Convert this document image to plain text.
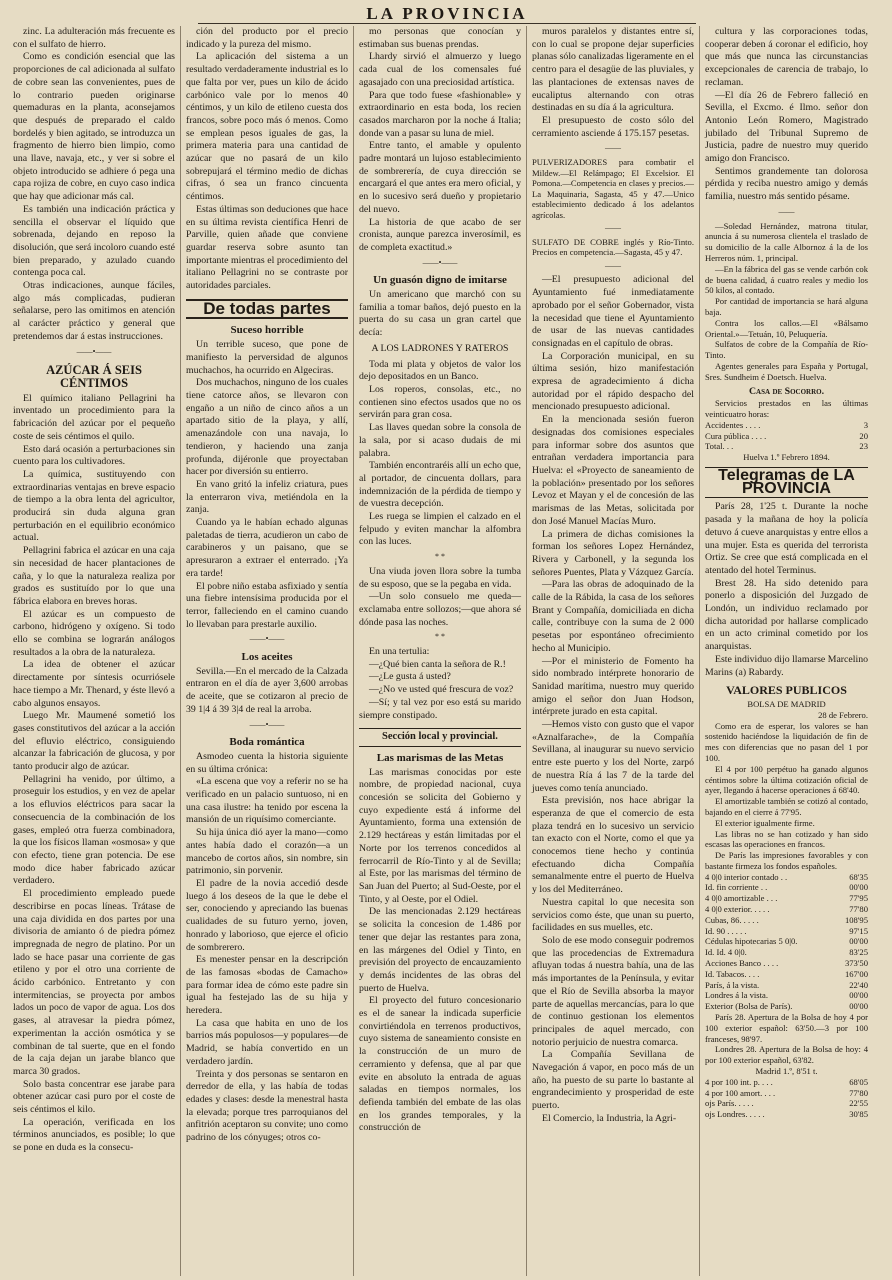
LA PROVINCIA

zinc. La adulteración más frecuente es con el sulfato de hierro.

Como es condición esencial que las proporciones de cal adicionada al sulfato de cobre sean las convenientes, pues de lo contrario pueden originarse quemaduras en la planta, aconsejamos que después de preparado el caldo bordelés y bien agitado, se introduzca un fragmento de hierro bien limpio, como una llave, navaja, etc., y ver si sobre el objeto introducido se adhiere ó pega una capa rojiza de cobre, en cuyo caso indica que hay que adicionar más cal.

Es también una indicación práctica y sencilla el observar el líquido que sobrenada, dejando en reposo la disolución, que será incoloro cuando esté bien preparado, y azulado cuando contenga poca cal.

Otras indicaciones, aunque fáciles, algo más complicadas, pudieran señalarse, pero las omitimos en atención al carácter práctico y general que pretendemos dar á estas instrucciones.

——•——
AZÚCAR Á SEIS CÉNTIMOS

El químico italiano Pellagrini ha inventado un procedimiento para la fabricación del azúcar por el pequeño coste de seis céntimos el quilo.

Esto dará ocasión a perturbaciones sin cuento para los cultivadores.

La química, sustituyendo con extraordinarias ventajas en breve espacio de tiempo a la obra lenta del agricultor, producirá sin duda alguna gran perturbación en el equilibrio económico actual.

Pellagrini fabrica el azúcar en una caja sin necesidad de hacer plantaciones de caña, y lo que la naturaleza realiza por grados es sustituído por lo que una fábrica elabora en breves horas.

El azúcar es un compuesto de carbono, hidrógeno y oxígeno. Si todo ello se combina se lograrán análogos resultados a la obra de la naturaleza.

La idea de obtener el azúcar directamente por síntesis ocurriósele hace tiempo a Mr. Thenard, y éste llevó a cabo algunos ensayos.

Luego Mr. Maumené sometió los gases constitutivos del azúcar a la acción del efluvio eléctrico, consiguiendo alcanzar la fabricación de glucosa, y por tanto producir algo de azúcar.

Pellagrini ha venido, por último, a proseguir los estudios, y en vez de apelar a los efluvios eléctricos para sacar la consecuencia de la combinación de los gases, empleó otra fuerza combinadora, la que los físicos llaman «osmosa» y que con efecto, tiene gran potencia. De ese modo dice haber fabricado azúcar verdadero.

El procedimiento empleado puede describirse en pocas líneas. Trátase de una caja dividida en dos partes por una divisoria de amianto ó de piedra pómez impregnada de negro de platino. Por un lado se hace pasar una corriente de gas etileno y por el otro una corriente de ácido carbónico. Entretanto y con intermitencias, se proyecta por ambos lados un poco de vapor de agua. Los dos gases, al atravesar la piedra pómez, experimentan la acción osmótica y se combinan de tal suerte, que en el fondo de la caja dejan un jarabe blanco que marca 30 grados.

Solo basta concentrar ese jarabe para obtener azúcar casi puro por el coste de seis céntimos el kilo.

La operación, verificada en los términos anunciados, es posible; lo que se pone en duda es la consecu-

ción del producto por el precio indicado y la pureza del mismo.

La aplicación del sistema a un resultado verdaderamente industrial es lo que falta por ver, pues un kilo de ácido carbónico vale por lo menos 40 céntimos, y un kilo de etileno cuesta dos francos, sobre poco más ó menos. Como se emplean pesos iguales de gas, la primera materia para una cantidad de azúcar que no pasará de un kilo sobrepujará el término medio de dichas cifras, ó sea un franco cincuenta céntimos.

Estas últimas son deduciones que hace en su última revista científica Henri de Parville, quien añade que conviene guardar reserva sobre asunto tan importante mientras el procedimiento del italiano Pellagrini no se contraste por autoridades parciales.

De todas partes
Suceso horrible

Un terrible suceso, que pone de manifiesto la perversidad de algunos muchachos, ha ocurrido en Algeciras.

Dos muchachos, ninguno de los cuales tiene catorce años, se llevaron con engaño a un niño de cinco años a un apartado sitio de la playa, y allí, amenazándole con una navaja, lo tendieron, y haciendo una zanja profunda, dijéronle que proyectaban hacer por diversión su entierro.

En vano gritó la infeliz criatura, pues la enterraron viva, metiéndola en la zanja.

Cuando ya le habían echado algunas paletadas de tierra, acudieron un cabo de carabineros y un paisano, que se apresuraron a extraer el enterrado. ¡Ya era tarde!

El pobre niño estaba asfixiado y sentía una fiebre intensísima producida por el terror, falleciendo en el camino cuando lo llevaban para prestarle auxilio.

——•——
Los aceites

Sevilla.—En el mercado de la Calzada entraron en el día de ayer 3,600 arrobas de aceite, que se cotizaron al precio de 39 1|4 á 39 3|4 de real la arroba.

——•——
Boda romántica

Asmodeo cuenta la historia siguiente en su última crónica:

«La escena que voy a referir no se ha verificado en un palacio suntuoso, ni en una casa ilustre: ha tenido por escena la mansión de un riquísimo comerciante.

Su hija única dió ayer la mano—como antes había dado el corazón—a un mancebo de cortos años, sin nombre, sin patrimonio, sin porvenir.

El padre de la novia accedió desde luego á los deseos de la que le debe el ser, conociendo y apreciando las buenas cualidades de su futuro yerno, joven, honrado y laborioso, que ejerce el oficio de sombrerero.

Es menester pensar en la descripción de las famosas «bodas de Camacho» para formar idea de cómo este padre sin igual ha festejado las de su hija y heredera.

La casa que habita en uno de los barrios más populosos—y populares—de Madrid, se había convertido en un verdadero jardín.

Treinta y dos personas se sentaron en derredor de ella, y las había de todas edades y clases: desde la menestral hasta la elevada; porque tres parroquianos del anfitrión aceptaron su convite; uno como padrino de los cónyuges; otros co-

mo personas que conocían y estimaban sus buenas prendas.

Lhardy sirvió el almuerzo y luego cada cual de los comensales fué agasajado con una preciosidad artística.

Para que todo fuese «fashionable» y extraordinario en esta boda, los recien casados marcharon por la noche á Italia; donde van a pasar su luna de miel.

Entre tanto, el amable y opulento padre montará un lujoso establecimiento de sombrerería, de cuya dirección se encargará el que antes era mero oficial, y en lo sucesivo será dueño y propietario del nuevo.

La historia de que acabo de ser cronista, aunque parezca inverosímil, es de completa exactitud.»

——•——
Un guasón digno de imitarse

Un americano que marchó con su familia a tomar baños, dejó puesto en la puerta do su casa un gran cartel que decía:

A LOS LADRONES Y RATEROS

Toda mi plata y objetos de valor los dejo depositados en un Banco.

Los roperos, consolas, etc., no contienen sino efectos usados que no os servirán para gran cosa.

Las llaves quedan sobre la consola de la sala, por si acaso dudais de mi palabra.

También encontraréis allí un echo que, al portador, de cincuenta dollars, para indemnización de la pérdida de tiempo y de vuestra decepción.

Les ruega se limpien el calzado en el felpudo y eviten manchar la alfombra con las luces.

* *

Una viuda joven llora sobre la tumba de su esposo, que se la pegaba en vida.

—Un solo consuelo me queda—exclamaba entre sollozos;—que ahora sé dónde pasa las noches.

* *

En una tertulia:

—¿Qué bien canta la señora de R.!

—¿Le gusta á usted?

—¿No ve usted qué frescura de voz?

—Sí; y tal vez por eso está su marido siempre constipado.

Sección local y provincial.
Las marismas de las Metas

Las marismas conocidas por este nombre, de propiedad nacional, cuya concesión se solicita del Gobierno y cuyo expediente está á informe del Ayuntamiento, forma una extensión de 2.129 hectáreas y están limitadas por el Norte por los terrenos concedidos al ferrocarril de Río-Tinto y al de Sevilla; al Este, por las marismas del término de San Juan del Puerto; al Sud-Oeste, por el Tinto, y al Oeste, por el Odiel.

De las mencionadas 2.129 hectáreas se solicita la concesion de 1.486 por tener que dejar las restantes para zona, en las márgenes del Odiel y Tinto, en previsión del proyecto de encauzamiento y demás incidentes de las obras del puerto de Huelva.

El proyecto del futuro concesionario es el de sanear la indicada superficie convirtiéndola en terrenos productivos, cuyo sistema de saneamiento consiste en la construcción de un muro de cerramiento y defensa, que al par que evite en absoluto la entrada de aguas saladas en tiempos normales, los defienda también del embate de las olas en los grandes temporales, y la construcción de

muros paralelos y distantes entre sí, con lo cual se propone dejar superficies planas sólo canalizadas ligeramente en el centro para el desagüe de las pluviales, y las plantaciones de extensas naves de eucaliptus alternando con otras destinadas en su día á la agricultura.

El presupuesto de costo sólo del cerramiento asciende á 175.157 pesetas.

——

PULVERIZADORES para combatir el Mildew.—El Relámpago; El Excelsior. El Pomona.—Competencia en clases y precios.—La Maquinaria, Sagasta, 45 y 47.—Unico establecimiento dedicado á los adelantos agrícolas.

——

SULFATO DE COBRE inglés y Río-Tinto. Precios en competencia.—Sagasta, 45 y 47.

——

—El presupuesto adicional del Ayuntamiento fué inmediatamente aprobado por el señor Gobernador, vista la necesidad que tiene el Ayuntamiento de usar de las nuevas cantidades consignadas en el capítulo de obras.

La Corporación municipal, en su última sesión, hizo manifestación expresa de agradecimiento á dicha autoridad por el rápido despacho del mencionado presupuesto adicional.

En la mencionada sesión fueron designadas dos comisiones especiales para informar sobre dos asuntos que entrañan verdadera importancia para Huelva: el «Proyecto de saneamiento de la población» presentado por los señores Levoz et Mayan y el de concesión de las marismas de las Metas, solicitada por don José Manuel Macías Muro.

La primera de dichas comisiones la forman los señores Lopez Hernández, Rivera y Carbonell, y la segunda los señores Puentes, Plata y Vázquez García.

—Para las obras de adoquinado de la calle de la Rábida, la casa de los señores Brant y Compañía, domiciliada en dicha calle, contribuye con la suma de 2 000 pesetas por espontáneo ofrecimiento hecho al Municipio.

—Por el ministerio de Fomento ha sido nombrado intérprete honorario de Sanidad marítima, nuestro muy querido amigo el señor don Juan Hodson, intérprete jurado en esta capital.

—Hemos visto con gusto que el vapor «Aznalfarache», de la Compañía Sevillana, al inaugurar su nuevo servicio entre este puerto y los del Norte, zarpó de nuestra Ría á las 7 de la tarde del jueves como tenía anunciado.

Esta previsión, nos hace abrigar la esperanza de que el comercio de esta plaza tendrá en lo sucesivo un servicio tan exacto con el Norte, como el que ya conocemos tiene hecho y continúa efectuando dicha Compañía semanalmente entre el puerto de Huelva y los del Mediterráneo.

Nuestra capital lo que necesita son servicios como éste, que unan su puerto, facilidades en sus muelles, etc.

Solo de ese modo conseguir podremos que las procedencias de Extremadura afluyan todas á nuestra bahía, una de las más importantes de la Península, y evitar que el Río de Sevilla absorba la mayor parte de aquellas mercancías, para lo que de continuo gestionan los elementos principales de aquel mercado, con notorio perjuicio de nuestra comarca.

La Compañía Sevillana de Navegación á vapor, en poco más de un año, ha puesto de su parte lo bastante al engrandecimiento y prosperidad de este puerto.

El Comercio, la Industria, la Agri-

cultura y las corporaciones todas, cooperar deben á coronar el edificio, hoy que más que nunca las circunstancias excepcionales de carencia de trabajo, lo reclaman.

—El día 26 de Febrero falleció en Sevilla, el Excmo. é Ilmo. señor don Antonio León Romero, Magistrado jubilado del Tribunal Supremo de Justicia, padre de nuestro muy querido amigo don Francisco.

Sentimos grandemente tan dolorosa pérdida y reciba nuestro amigo y demás familia, nuestro más sentido pésame.

——

—Soledad Hernández, matrona titular, anuncia á su numerosa clientela el traslado de su domicilio de la calle Albornoz á la de los Herreros núm. 1, principal.

—En la fábrica del gas se vende carbón cok de buena calidad, á cuatro reales y medio los 50 kilos, al contado.

Por cantidad de importancia se hará alguna baja.

Contra los callos.—El «Bálsamo Oriental.»—Tetuán, 10, Peluquería.

Sulfatos de cobre de la Compañía de Río-Tinto.

Agentes generales para España y Portugal, Sres. Sundheim é Doetsch. Huelva.

Casa de Socorro.

Servicios prestados en las últimas veinticuatro horas:

Accidentes . . . .	3
Cura pública . . . .	20
Total. . .	23
Huelva 1.º Febrero 1894.
Telegramas de LA PROVINCIA

París 28, 1'25 t. Durante la noche pasada y la mañana de hoy la policía detuvo á cueve anarquistas y entre ellos a una mujer. Esta es querida del terrorista Ortiz. Se cree que está complicada en el atentado del hotel Terminus.

Brest 28. Ha sido detenido para ponerlo a disposición del Juzgado de Londón, un individuo reclamado por dicha autoridad por hallarse complicado en un acto criminal cometido por los anarquistas.

Este individuo dijo llamarse Marcelino Marins (a) Rabardy.

VALORES PUBLICOS
BOLSA DE MADRID
28 de Febrero.

Como era de esperar, los valores se han sostenido haciéndose la liquidación de fin de mes con diferencias que no pasan del 1 por 100.

El 4 por 100 perpétuo ha ganado algunos céntimos sobre la última cotización oficial de ayer, llegando á hacerse operaciones á 68'40.

El amortizable también se cotizó al contado, bajando en el cierre á 77'95.

El exterior igualmente firme.

Las libras no se han cotizado y han sido escasas las operaciones en francos.

De París las impresiones favorables y con bastante firmeza los fondos españoles.

4 0|0 interior contado . .	68'35
Id. fin corriente . .	00'00
4 0|0 amortizable . . .	77'95
4 0|0 exterior. . . . .	77'80
Cubas, 86. . . . .	108'95
Id. 90 . . . . .	97'15
Cédulas hipotecarias 5 0|0.	00'00
Id. Id. 4 0|0.	83'25
Acciones Banco . . . .	373'50
Id. Tabacos. . . .	167'00
París, á la vista.	22'40
Londres á la vista.	00'00
Exterior (Bolsa de París).	00'00

París 28. Apertura de la Bolsa de hoy 4 por 100 exterior español: 63'50.—3 por 100 franceses, 98'97.

Londres 28. Apertura de la Bolsa de hoy: 4 por 100 exterior español, 63'82.

Madrid 1.º, 8'51 t.
4 por 100 int. p. . . .	68'05
4 por 100 amort. . . .	77'80
ojs París. . . . .	22'55
ojs Londres. . . . .	30'85
